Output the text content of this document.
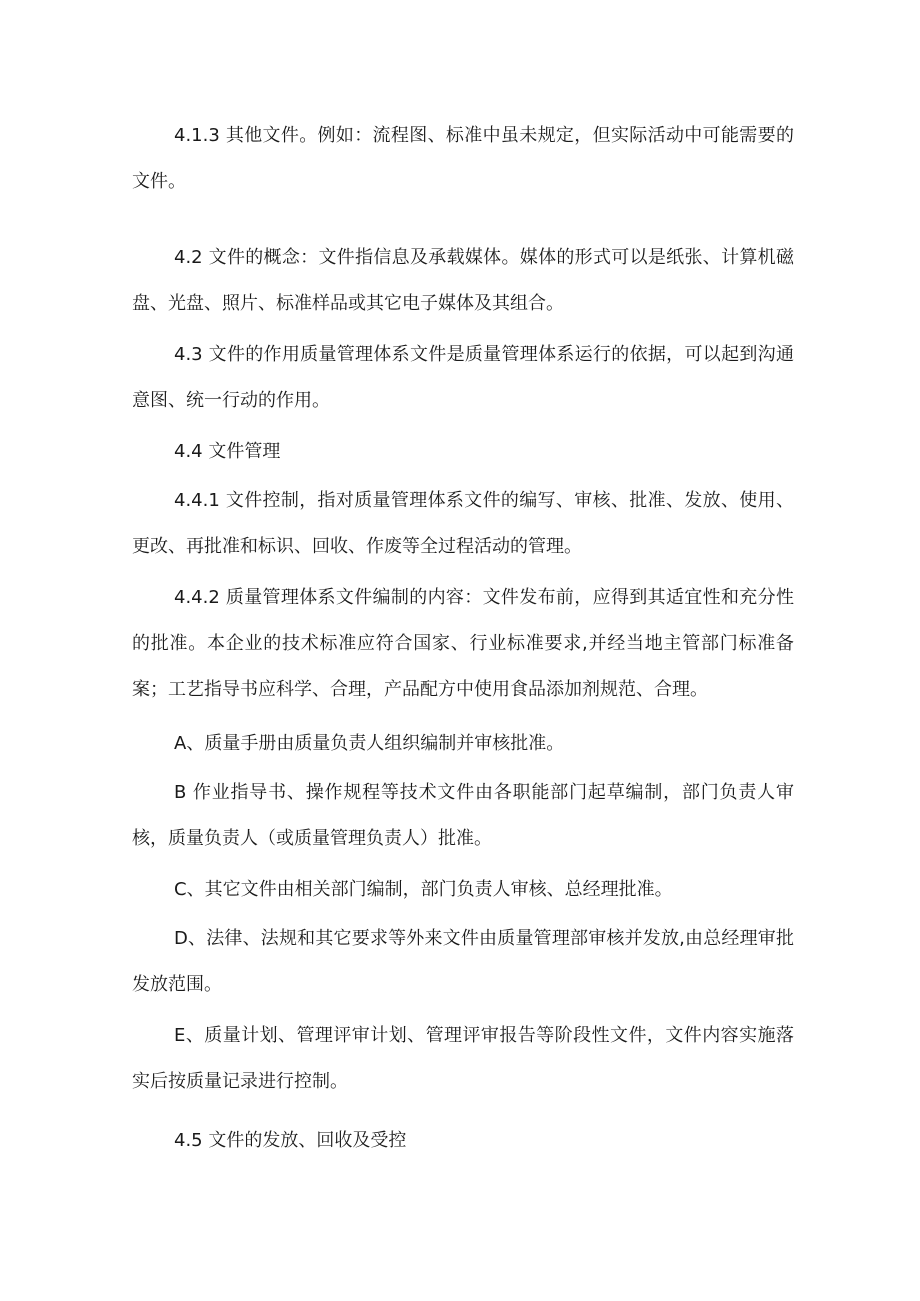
4.1.3 其他文件。例如：流程图、标准中虽未规定，但实际活动中可能需要的文件。

4.2 文件的概念：文件指信息及承载媒体。媒体的形式可以是纸张、计算机磁盘、光盘、照片、标准样品或其它电子媒体及其组合。

4.3 文件的作用质量管理体系文件是质量管理体系运行的依据，可以起到沟通意图、统一行动的作用。

4.4 文件管理

4.4.1 文件控制，指对质量管理体系文件的编写、审核、批准、发放、使用、更改、再批准和标识、回收、作废等全过程活动的管理。

4.4.2 质量管理体系文件编制的内容：文件发布前，应得到其适宜性和充分性的批准。本企业的技术标准应符合国家、行业标准要求,并经当地主管部门标准备案；工艺指导书应科学、合理，产品配方中使用食品添加剂规范、合理。

A、质量手册由质量负责人组织编制并审核批准。

B 作业指导书、操作规程等技术文件由各职能部门起草编制，部门负责人审核，质量负责人（或质量管理负责人）批准。

C、其它文件由相关部门编制，部门负责人审核、总经理批准。

D、法律、法规和其它要求等外来文件由质量管理部审核并发放,由总经理审批发放范围。

E、质量计划、管理评审计划、管理评审报告等阶段性文件，文件内容实施落实后按质量记录进行控制。

4.5 文件的发放、回收及受控
